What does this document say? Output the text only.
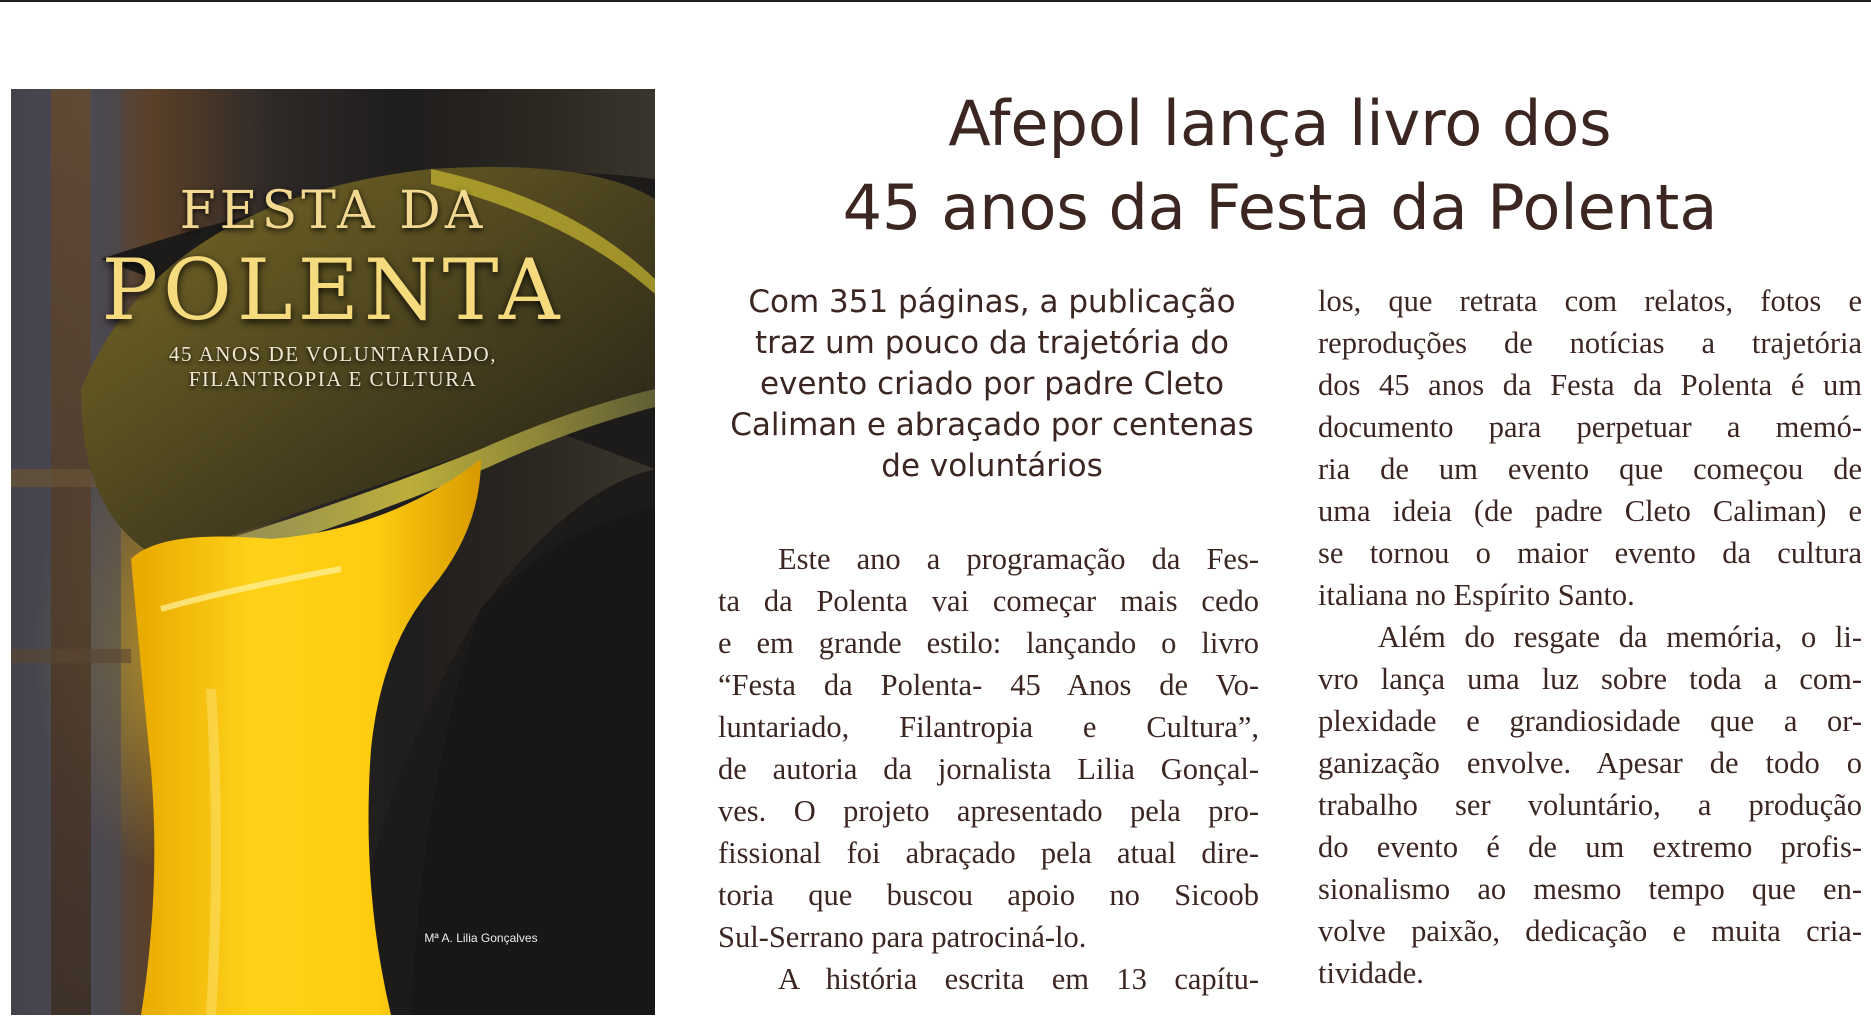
FESTA DA

POLENTA

45 ANOS DE VOLUNTARIADO,
FILANTROPIA E CULTURA

Mª A. Lilia Gonçalves

Afepol lança livro dos
45 anos da Festa da Polenta
Com 351 páginas, a publicação
traz um pouco da trajetória do
evento criado por padre Cleto
Caliman e abraçado por centenas
de voluntários

Este ano a programação da Fes-
ta da Polenta vai começar mais cedo
e em grande estilo: lançando o livro
“Festa da Polenta- 45 Anos de Vo-
luntariado, Filantropia e Cultura”,
de autoria da jornalista Lilia Gonçal-
ves. O projeto apresentado pela pro-
fissional foi abraçado pela atual dire-
toria que buscou apoio no Sicoob
Sul-Serrano para patrociná-lo.

A história escrita em 13 capítu-

los, que retrata com relatos, fotos e
reproduções de notícias a trajetória
dos 45 anos da Festa da Polenta é um
documento para perpetuar a memó-
ria de um evento que começou de
uma ideia (de padre Cleto Caliman) e
se tornou o maior evento da cultura
italiana no Espírito Santo.

Além do resgate da memória, o li-
vro lança uma luz sobre toda a com-
plexidade e grandiosidade que a or-
ganização envolve. Apesar de todo o
trabalho ser voluntário, a produção
do evento é de um extremo profis-
sionalismo ao mesmo tempo que en-
volve paixão, dedicação e muita cria-
tividade.
